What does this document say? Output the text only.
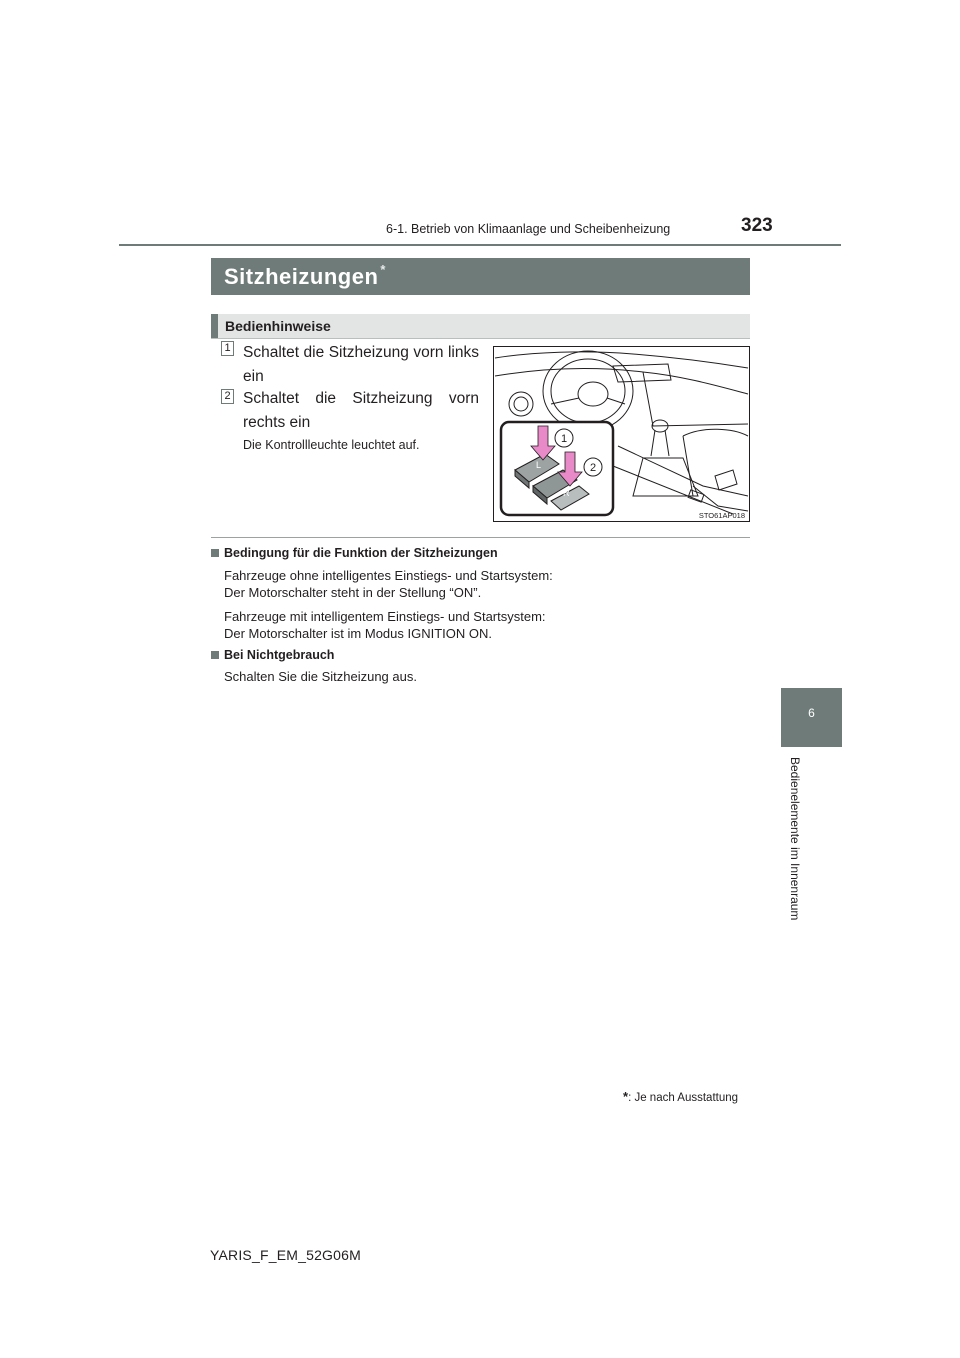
6-1. Betrieb von Klimaanlage und Scheibenheizung	323
6
Bedienelemente im Innenraum
Sitzheizungen *
Bedienhinweise
1 Schaltet die Sitzheizung vorn links
ein
2 Schaltet die Sitzheizung vorn
rechts ein
Die Kontrollleuchte leuchtet auf.
L
R
1
2
STO61AP018
Bedingung für die Funktion der Sitzheizungen
Fahrzeuge ohne intelligentes Einstiegs- und Startsystem:
Der Motorschalter steht in der Stellung “ON”.
Fahrzeuge mit intelligentem Einstiegs- und Startsystem:
Der Motorschalter ist im Modus IGNITION ON.
Bei Nichtgebrauch
Schalten Sie die Sitzheizung aus.
*: Je nach Ausstattung
YARIS_F_EM_52G06M
